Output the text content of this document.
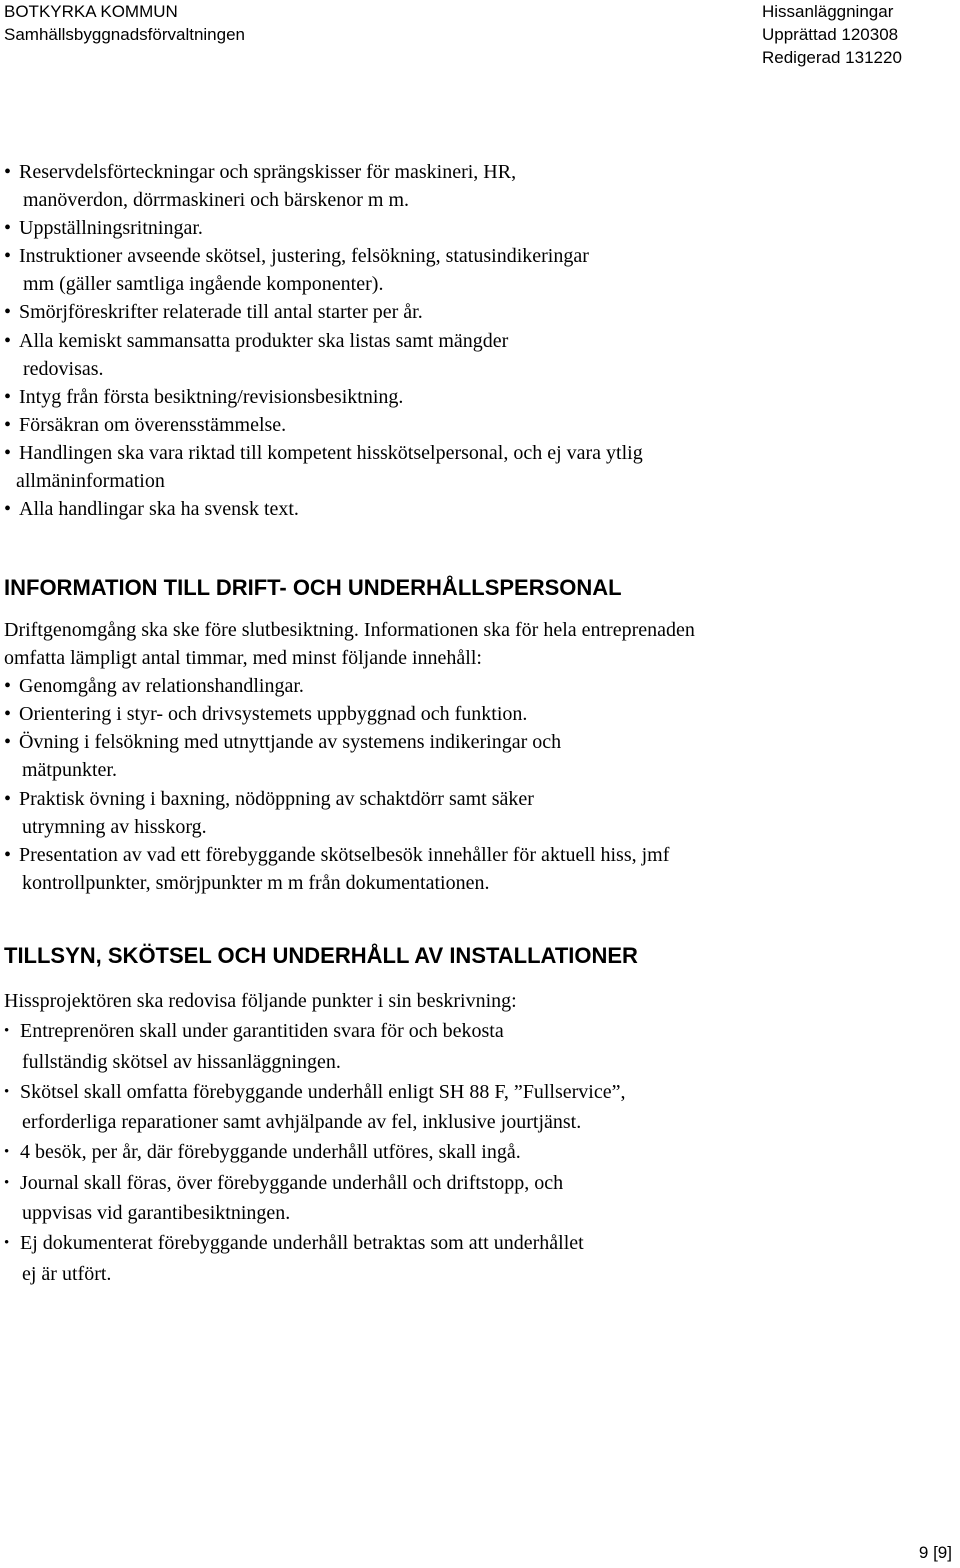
BOTKYRKA KOMMUN
Samhällsbyggnadsförvaltningen
Hissanläggningar
Upprättad 120308
Redigerad 131220
• Reservdelsförteckningar och sprängskisser för maskineri, HR,
manöverdon, dörrmaskineri och bärskenor m m.
• Uppställningsritningar.
• Instruktioner avseende skötsel, justering, felsökning, statusindikeringar
mm (gäller samtliga ingående komponenter).
• Smörjföreskrifter relaterade till antal starter per år.
• Alla kemiskt sammansatta produkter ska listas samt mängder
redovisas.
• Intyg från första besiktning/revisionsbesiktning.
• Försäkran om överensstämmelse.
• Handlingen ska vara riktad till kompetent hisskötselpersonal, och ej vara ytlig
allmäninformation
• Alla handlingar ska ha svensk text.
INFORMATION TILL DRIFT- OCH UNDERHÅLLSPERSONAL
Driftgenomgång ska ske före slutbesiktning. Informationen ska för hela entreprenaden
omfatta lämpligt antal timmar, med minst följande innehåll:
• Genomgång av relationshandlingar.
• Orientering i styr- och drivsystemets uppbyggnad och funktion.
• Övning i felsökning med utnyttjande av systemens indikeringar och
mätpunkter.
• Praktisk övning i baxning, nödöppning av schaktdörr samt säker
utrymning av hisskorg.
• Presentation av vad ett förebyggande skötselbesök innehåller för aktuell hiss, jmf
kontrollpunkter, smörjpunkter m m från dokumentationen.
TILLSYN, SKÖTSEL OCH UNDERHÅLL AV INSTALLATIONER
Hissprojektören ska redovisa följande punkter i sin beskrivning:
• Entreprenören skall under garantitiden svara för och bekosta
fullständig skötsel av hissanläggningen.
• Skötsel skall omfatta förebyggande underhåll enligt SH 88 F, ”Fullservice”,
erforderliga reparationer samt avhjälpande av fel, inklusive jourtjänst.
• 4 besök, per år, där förebyggande underhåll utföres, skall ingå.
• Journal skall föras, över förebyggande underhåll och driftstopp, och
uppvisas vid garantibesiktningen.
• Ej dokumenterat förebyggande underhåll betraktas som att underhållet
ej är utfört.
9 [9]
